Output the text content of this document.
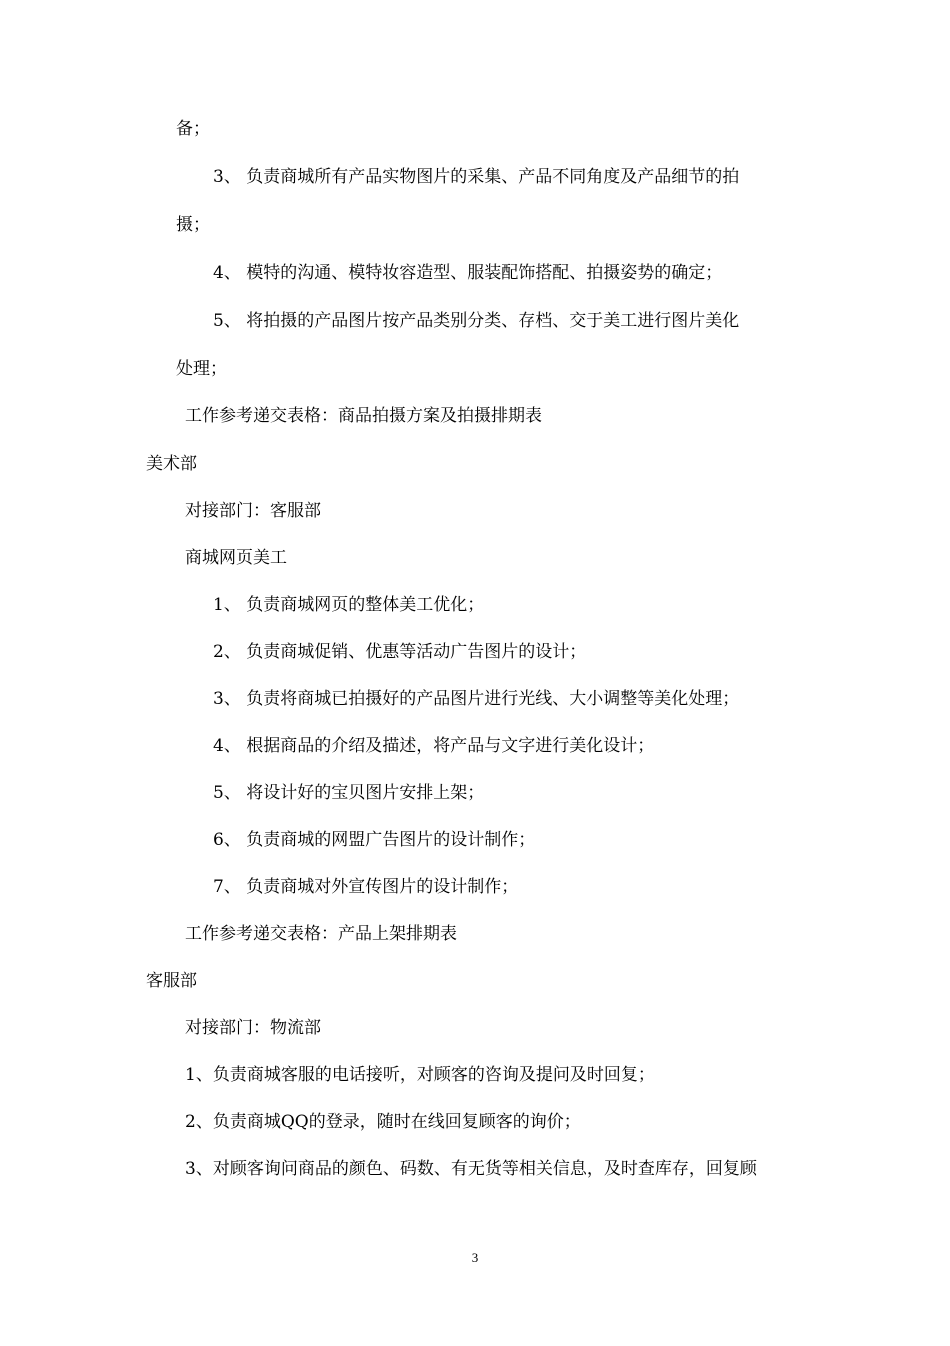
备；
3、 负责商城所有产品实物图片的采集、产品不同角度及产品细节的拍
摄；
4、 模特的沟通、模特妆容造型、服装配饰搭配、拍摄姿势的确定；
5、 将拍摄的产品图片按产品类别分类、存档、交于美工进行图片美化
处理；
工作参考递交表格：商品拍摄方案及拍摄排期表
美术部
对接部门：客服部
商城网页美工
1、 负责商城网页的整体美工优化；
2、 负责商城促销、优惠等活动广告图片的设计；
3、 负责将商城已拍摄好的产品图片进行光线、大小调整等美化处理；
4、 根据商品的介绍及描述，将产品与文字进行美化设计；
5、 将设计好的宝贝图片安排上架；
6、 负责商城的网盟广告图片的设计制作；
7、 负责商城对外宣传图片的设计制作；
工作参考递交表格：产品上架排期表
客服部
对接部门：物流部
1、负责商城客服的电话接听，对顾客的咨询及提问及时回复；
2、负责商城QQ的登录，随时在线回复顾客的询价；
3、对顾客询问商品的颜色、码数、有无货等相关信息，及时查库存，回复顾
3
